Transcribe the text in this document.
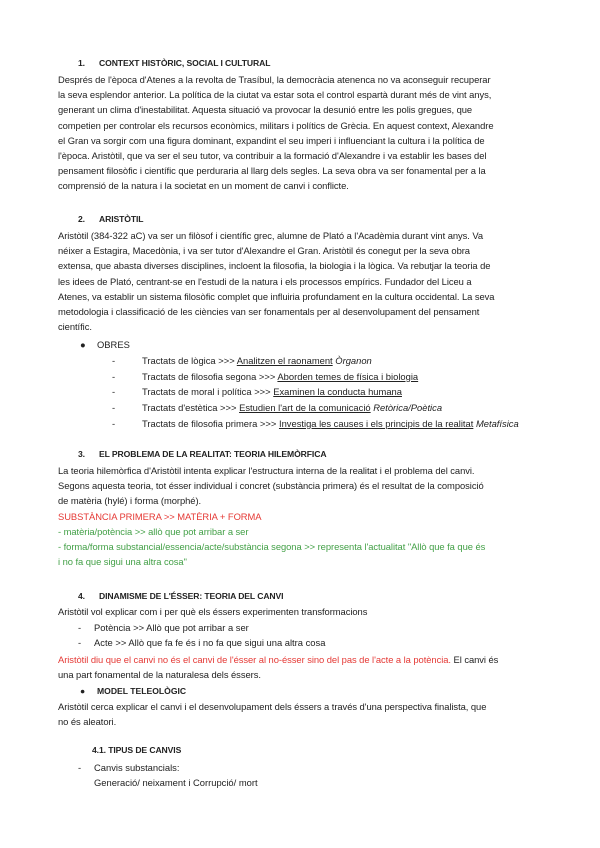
1. CONTEXT HISTÒRIC, SOCIAL I CULTURAL
Després de l'època d'Atenes a la revolta de Trasíbul, la democràcia atenenca no va aconseguir recuperar
la seva esplendor anterior. La política de la ciutat va estar sota el control espartà durant més de vint anys,
generant un clima d'inestabilitat. Aquesta situació va provocar la desunió entre les polis gregues, que
competien per controlar els recursos econòmics, militars i polítics de Grècia. En aquest context, Alexandre
el Gran va sorgir com una figura dominant, expandint el seu imperi i influenciant la cultura i la política de
l'època. Aristòtil, que va ser el seu tutor, va contribuir a la formació d'Alexandre i va establir les bases del
pensament filosòfic i científic que perduraria al llarg dels segles. La seva obra va ser fonamental per a la
comprensió de la natura i la societat en un moment de canvi i conflicte.
2. ARISTÒTIL
Aristòtil (384-322 aC) va ser un filòsof i científic grec, alumne de Plató a l'Acadèmia durant vint anys. Va
néixer a Estagira, Macedònia, i va ser tutor d'Alexandre el Gran. Aristòtil és conegut per la seva obra
extensa, que abasta diverses disciplines, incloent la filosofia, la biologia i la lògica. Va rebutjar la teoria de
les idees de Plató, centrant-se en l'estudi de la natura i els processos empírics. Fundador del Liceu a
Atenes, va establir un sistema filosòfic complet que influiria profundament en la cultura occidental. La seva
metodologia i classificació de les ciències van ser fonamentals per al desenvolupament del pensament
científic.
● OBRES
-	Tractats de lògica >>> Analitzen el raonament Òrganon
-	Tractats de filosofia segona >>> Aborden temes de física i biologia
-	Tractats de moral i política >>> Examinen la conducta humana
-	Tractats d'estètica >>> Estudien l'art de la comunicació Retòrica/Poètica
-	Tractats de filosofia primera >>> Investiga les causes i els principis de la realitat Metafísica
3. EL PROBLEMA DE LA REALITAT: TEORIA HILEMÒRFICA
La teoria hilemòrfica d'Aristòtil intenta explicar l'estructura interna de la realitat i el problema del canvi.
Segons aquesta teoria, tot ésser individual i concret (substància primera) és el resultat de la composició
de matèria (hylé) i forma (morphé).
SUBSTÀNCIA PRIMERA >> MATÈRIA + FORMA
- matèria/potència >> allò que pot arribar a ser
- forma/forma substancial/essencia/acte/substància segona >> representa l'actualitat "Allò que fa que és
i no fa que sigui una altra cosa"
4. DINAMISME DE L'ÉSSER: TEORIA DEL CANVI
Aristòtil vol explicar com i per què els éssers experimenten transformacions
- Potència >> Allò que pot arribar a ser
- Acte >> Allò que fa fe és i no fa que sigui una altra cosa
Aristòtil diu que el canvi no és el canvi de l'ésser al no-ésser sino del pas de l'acte a la potència. El canvi és
una part fonamental de la naturalesa dels éssers.
● MODEL TELEOLÒGIC
Aristòtil cerca explicar el canvi i el desenvolupament dels éssers a través d'una perspectiva finalista, que
no és aleatori.
4.1. TIPUS DE CANVIS
- Canvis substancials:
Generació/ neixament i Corrupció/ mort
